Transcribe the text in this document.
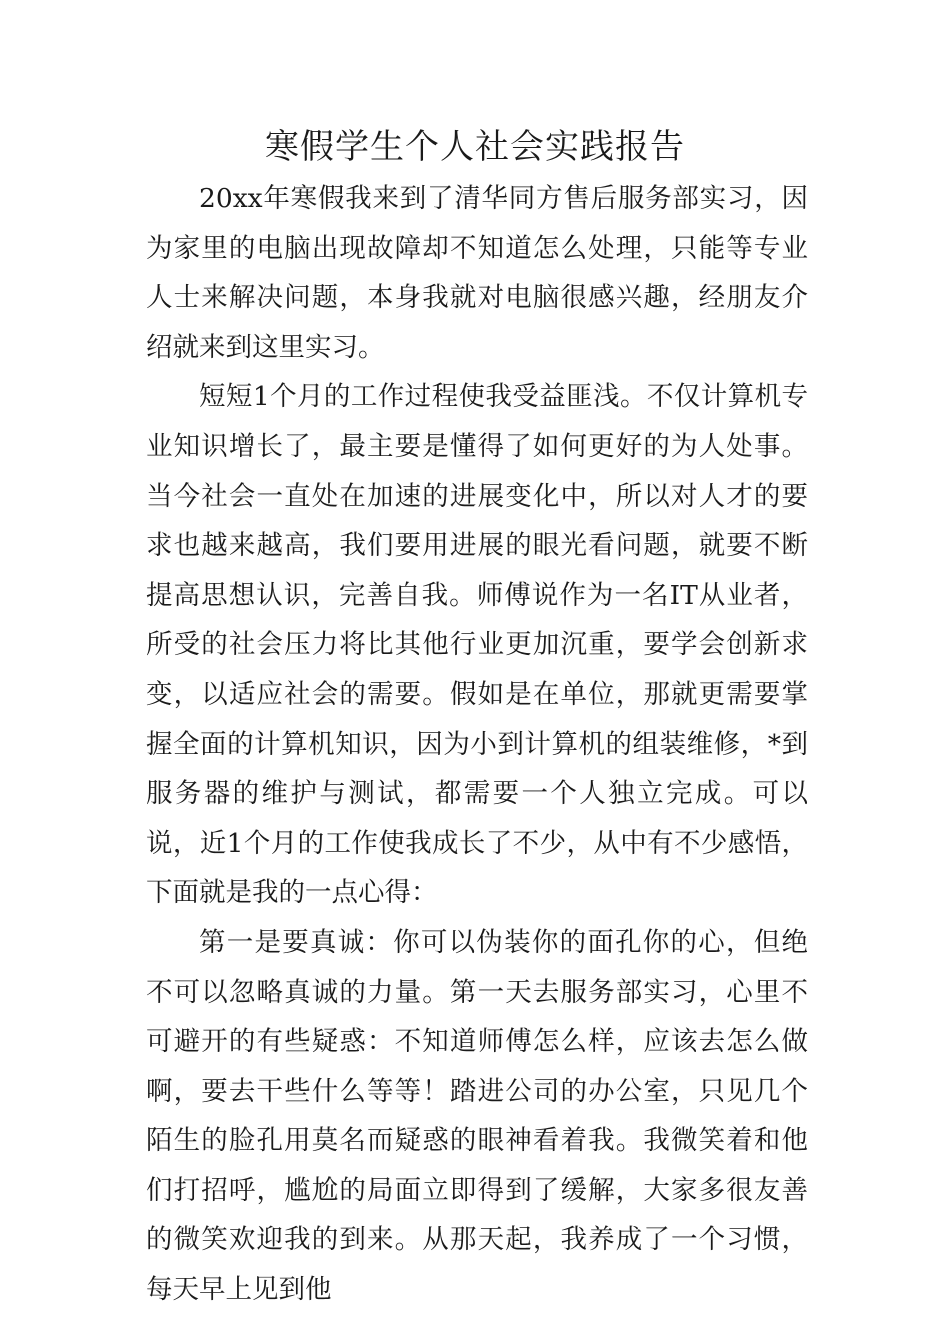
寒假学生个人社会实践报告

20xx年寒假我来到了清华同方售后服务部实习，因为家里的电脑出现故障却不知道怎么处理，只能等专业人士来解决问题，本身我就对电脑很感兴趣，经朋友介绍就来到这里实习。

短短1个月的工作过程使我受益匪浅。不仅计算机专业知识增长了，最主要是懂得了如何更好的为人处事。当今社会一直处在加速的进展变化中，所以对人才的要求也越来越高，我们要用进展的眼光看问题，就要不断提高思想认识，完善自我。师傅说作为一名IT从业者，所受的社会压力将比其他行业更加沉重，要学会创新求变，以适应社会的需要。假如是在单位，那就更需要掌握全面的计算机知识，因为小到计算机的组装维修，*到服务器的维护与测试，都需要一个人独立完成。可以说，近1个月的工作使我成长了不少，从中有不少感悟，下面就是我的一点心得：

第一是要真诚：你可以伪装你的面孔你的心，但绝不可以忽略真诚的力量。第一天去服务部实习，心里不可避开的有些疑惑：不知道师傅怎么样，应该去怎么做啊，要去干些什么等等！踏进公司的办公室，只见几个陌生的脸孔用莫名而疑惑的眼神看着我。我微笑着和他们打招呼，尴尬的局面立即得到了缓解，大家多很友善的微笑欢迎我的到来。从那天起，我养成了一个习惯，每天早上见到他
